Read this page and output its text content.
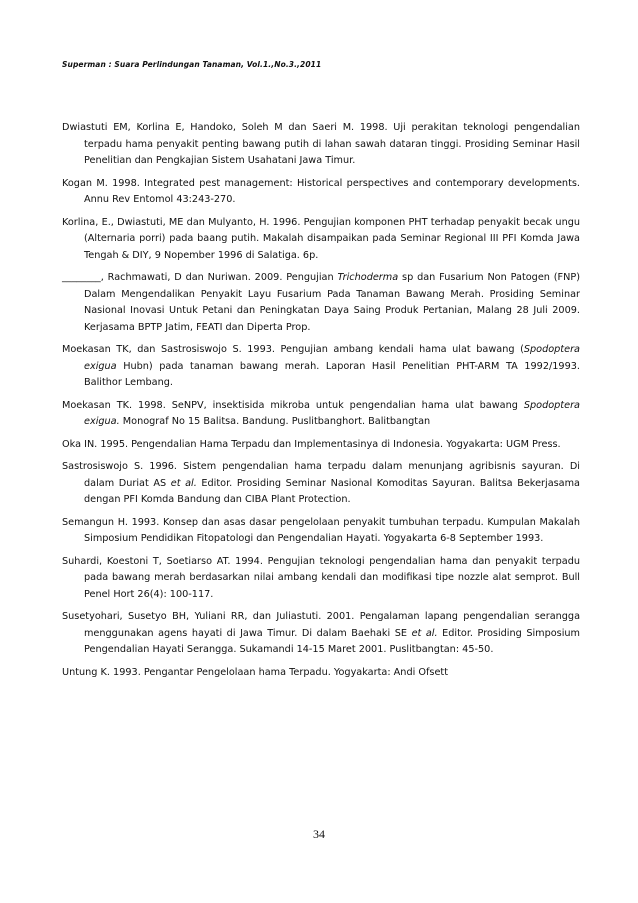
Superman : Suara Perlindungan Tanaman, Vol.1.,No.3.,2011

Dwiastuti EM, Korlina E, Handoko, Soleh M dan Saeri M. 1998. Uji perakitan teknologi pengendalian terpadu hama penyakit penting bawang putih di lahan sawah dataran tinggi. Prosiding Seminar Hasil Penelitian dan Pengkajian Sistem Usahatani Jawa Timur.

Kogan M. 1998. Integrated pest management: Historical perspectives and contemporary developments. Annu Rev Entomol 43:243-270.

Korlina, E., Dwiastuti, ME dan Mulyanto, H. 1996. Pengujian komponen PHT terhadap penyakit becak ungu (Alternaria porri) pada baang putih. Makalah disampaikan pada Seminar Regional III PFI Komda Jawa Tengah & DIY, 9 Nopember 1996 di Salatiga. 6p.

________, Rachmawati, D dan Nuriwan. 2009. Pengujian Trichoderma sp dan Fusarium Non Patogen (FNP) Dalam Mengendalikan Penyakit Layu Fusarium Pada Tanaman Bawang Merah. Prosiding Seminar Nasional Inovasi Untuk Petani dan Peningkatan Daya Saing Produk Pertanian, Malang 28 Juli 2009. Kerjasama BPTP Jatim, FEATI dan Diperta Prop.

Moekasan TK, dan Sastrosiswojo S. 1993. Pengujian ambang kendali hama ulat bawang (Spodoptera exigua Hubn) pada tanaman bawang merah. Laporan Hasil Penelitian PHT-ARM TA 1992/1993. Balithor Lembang.

Moekasan TK. 1998. SeNPV, insektisida mikroba untuk pengendalian hama ulat bawang Spodoptera exigua. Monograf No 15 Balitsa. Bandung. Puslitbanghort. Balitbangtan

Oka IN. 1995. Pengendalian Hama Terpadu dan Implementasinya di Indonesia. Yogyakarta: UGM Press.

Sastrosiswojo S. 1996. Sistem pengendalian hama terpadu dalam menunjang agribisnis sayuran. Di dalam Duriat AS et al. Editor. Prosiding Seminar Nasional Komoditas Sayuran. Balitsa Bekerjasama dengan PFI Komda Bandung dan CIBA Plant Protection.

Semangun H. 1993. Konsep dan asas dasar pengelolaan penyakit tumbuhan terpadu. Kumpulan Makalah Simposium Pendidikan Fitopatologi dan Pengendalian Hayati. Yogyakarta 6-8 September 1993.

Suhardi, Koestoni T, Soetiarso AT. 1994. Pengujian teknologi pengendalian hama dan penyakit terpadu pada bawang merah berdasarkan nilai ambang kendali dan modifikasi tipe nozzle alat semprot. Bull Penel Hort 26(4): 100-117.

Susetyohari, Susetyo BH, Yuliani RR, dan Juliastuti. 2001. Pengalaman lapang pengendalian serangga menggunakan agens hayati di Jawa Timur. Di dalam Baehaki SE et al. Editor. Prosiding Simposium Pengendalian Hayati Serangga. Sukamandi 14-15 Maret 2001. Puslitbangtan: 45-50.

Untung K. 1993. Pengantar Pengelolaan hama Terpadu. Yogyakarta: Andi Ofsett

34
